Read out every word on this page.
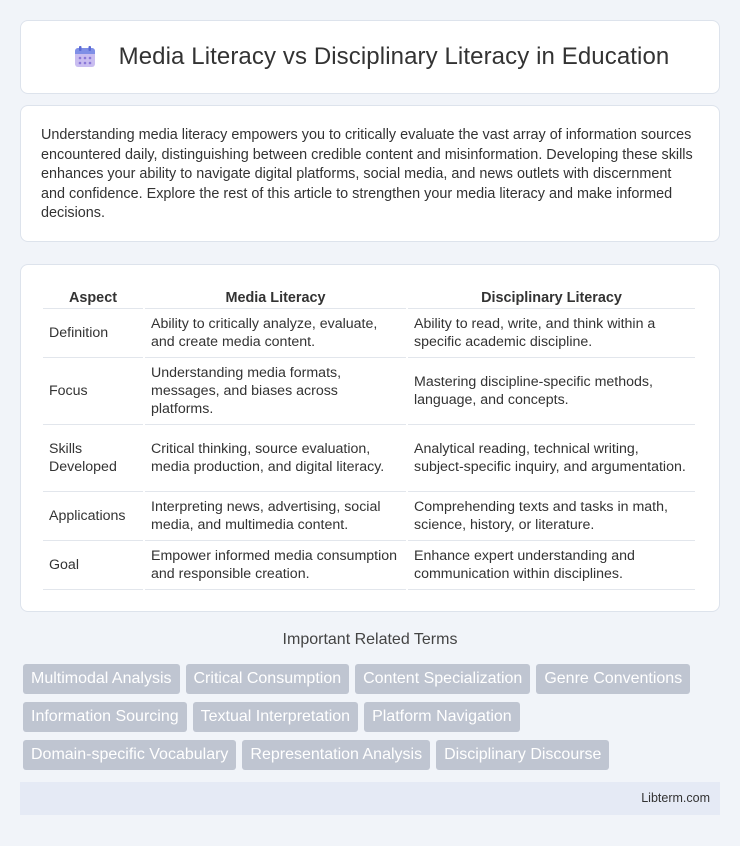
Media Literacy vs Disciplinary Literacy in Education

Understanding media literacy empowers you to critically evaluate the vast array of information sources encountered daily, distinguishing between credible content and misinformation. Developing these skills enhances your ability to navigate digital platforms, social media, and news outlets with discernment and confidence. Explore the rest of this article to strengthen your media literacy and make informed decisions.

Aspect	Media Literacy	Disciplinary Literacy
Definition	Ability to critically analyze, evaluate, and create media content.	Ability to read, write, and think within a specific academic discipline.
Focus	Understanding media formats, messages, and biases across platforms.	Mastering discipline-specific methods, language, and concepts.
Skills Developed	Critical thinking, source evaluation, media production, and digital literacy.	Analytical reading, technical writing, subject-specific inquiry, and argumentation.
Applications	Interpreting news, advertising, social media, and multimedia content.	Comprehending texts and tasks in math, science, history, or literature.
Goal	Empower informed media consumption and responsible creation.	Enhance expert understanding and communication within disciplines.
Important Related Terms
Multimodal Analysis	Critical Consumption	Content Specialization	Genre Conventions
Information Sourcing	Textual Interpretation	Platform Navigation
Domain-specific Vocabulary	Representation Analysis	Disciplinary Discourse
Libterm.com
